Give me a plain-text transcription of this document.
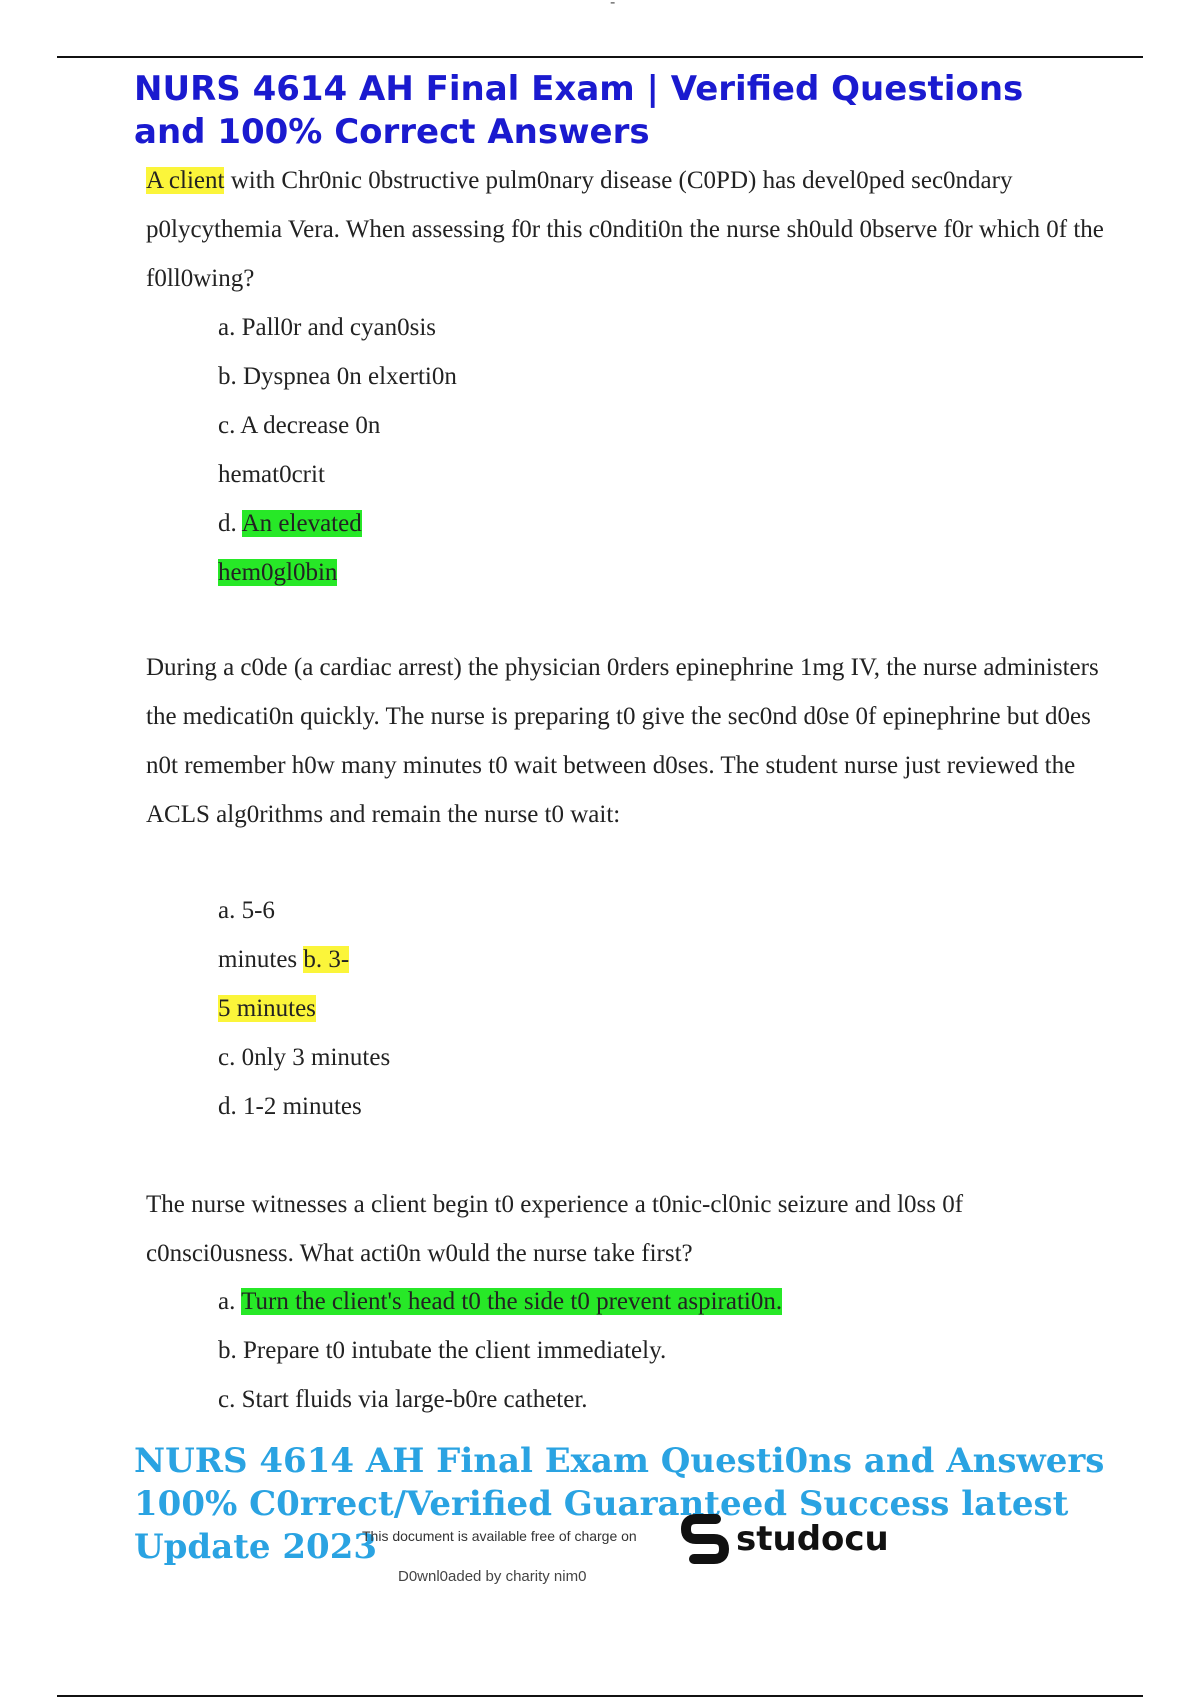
-
NURS 4614 AH Final Exam | Verified Questions and 100% Correct Answers

A client with Chr0nic 0bstructive pulm0nary disease (C0PD) has devel0ped sec0ndary p0lycythemia Vera. When assessing f0r this c0nditi0n the nurse sh0uld 0bserve f0r which 0f the f0ll0wing?

a. Pall0r and cyan0sis

b. Dyspnea 0n elxerti0n

c. A decrease 0n

hemat0crit

d. An elevated

hem0gl0bin

During a c0de (a cardiac arrest) the physician 0rders epinephrine 1mg IV, the nurse administers the medicati0n quickly. The nurse is preparing t0 give the sec0nd d0se 0f epinephrine but d0es n0t remember h0w many minutes t0 wait between d0ses. The student nurse just reviewed the ACLS alg0rithms and remain the nurse t0 wait:

a. 5-6

minutes b. 3-

5 minutes

c. 0nly 3 minutes

d. 1-2 minutes

The nurse witnesses a client begin t0 experience a t0nic-cl0nic seizure and l0ss 0f c0nsci0usness. What acti0n w0uld the nurse take first?

a. Turn the client's head t0 the side t0 prevent aspirati0n.

b. Prepare t0 intubate the client immediately.

c. Start fluids via large-b0re catheter.

NURS 4614 AH Final Exam Questi0ns and Answers 100% C0rrect/Verified Guaranteed Success latest Update 2023
This document is available free of charge on	studocu
D0wnl0aded by charity nim0
